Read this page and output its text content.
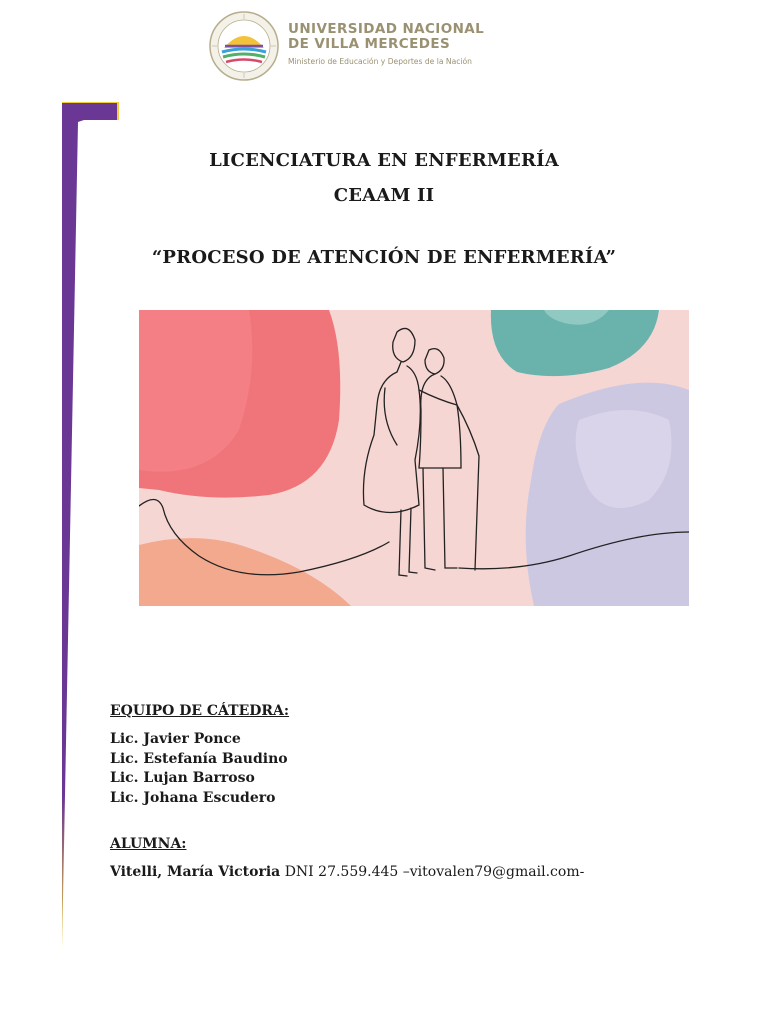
UNIVERSIDAD NACIONAL
DE VILLA MERCEDES
Ministerio de Educación y Deportes de la Nación
LICENCIATURA EN ENFERMERÍA
CEAAM II
“PROCESO DE ATENCIÓN DE ENFERMERÍA”
EQUIPO DE CÁTEDRA:
Lic. Javier Ponce
Lic. Estefanía Baudino
Lic. Lujan Barroso
Lic. Johana Escudero
ALUMNA:
Vitelli, María Victoria DNI 27.559.445 –vitovalen79@gmail.com-
